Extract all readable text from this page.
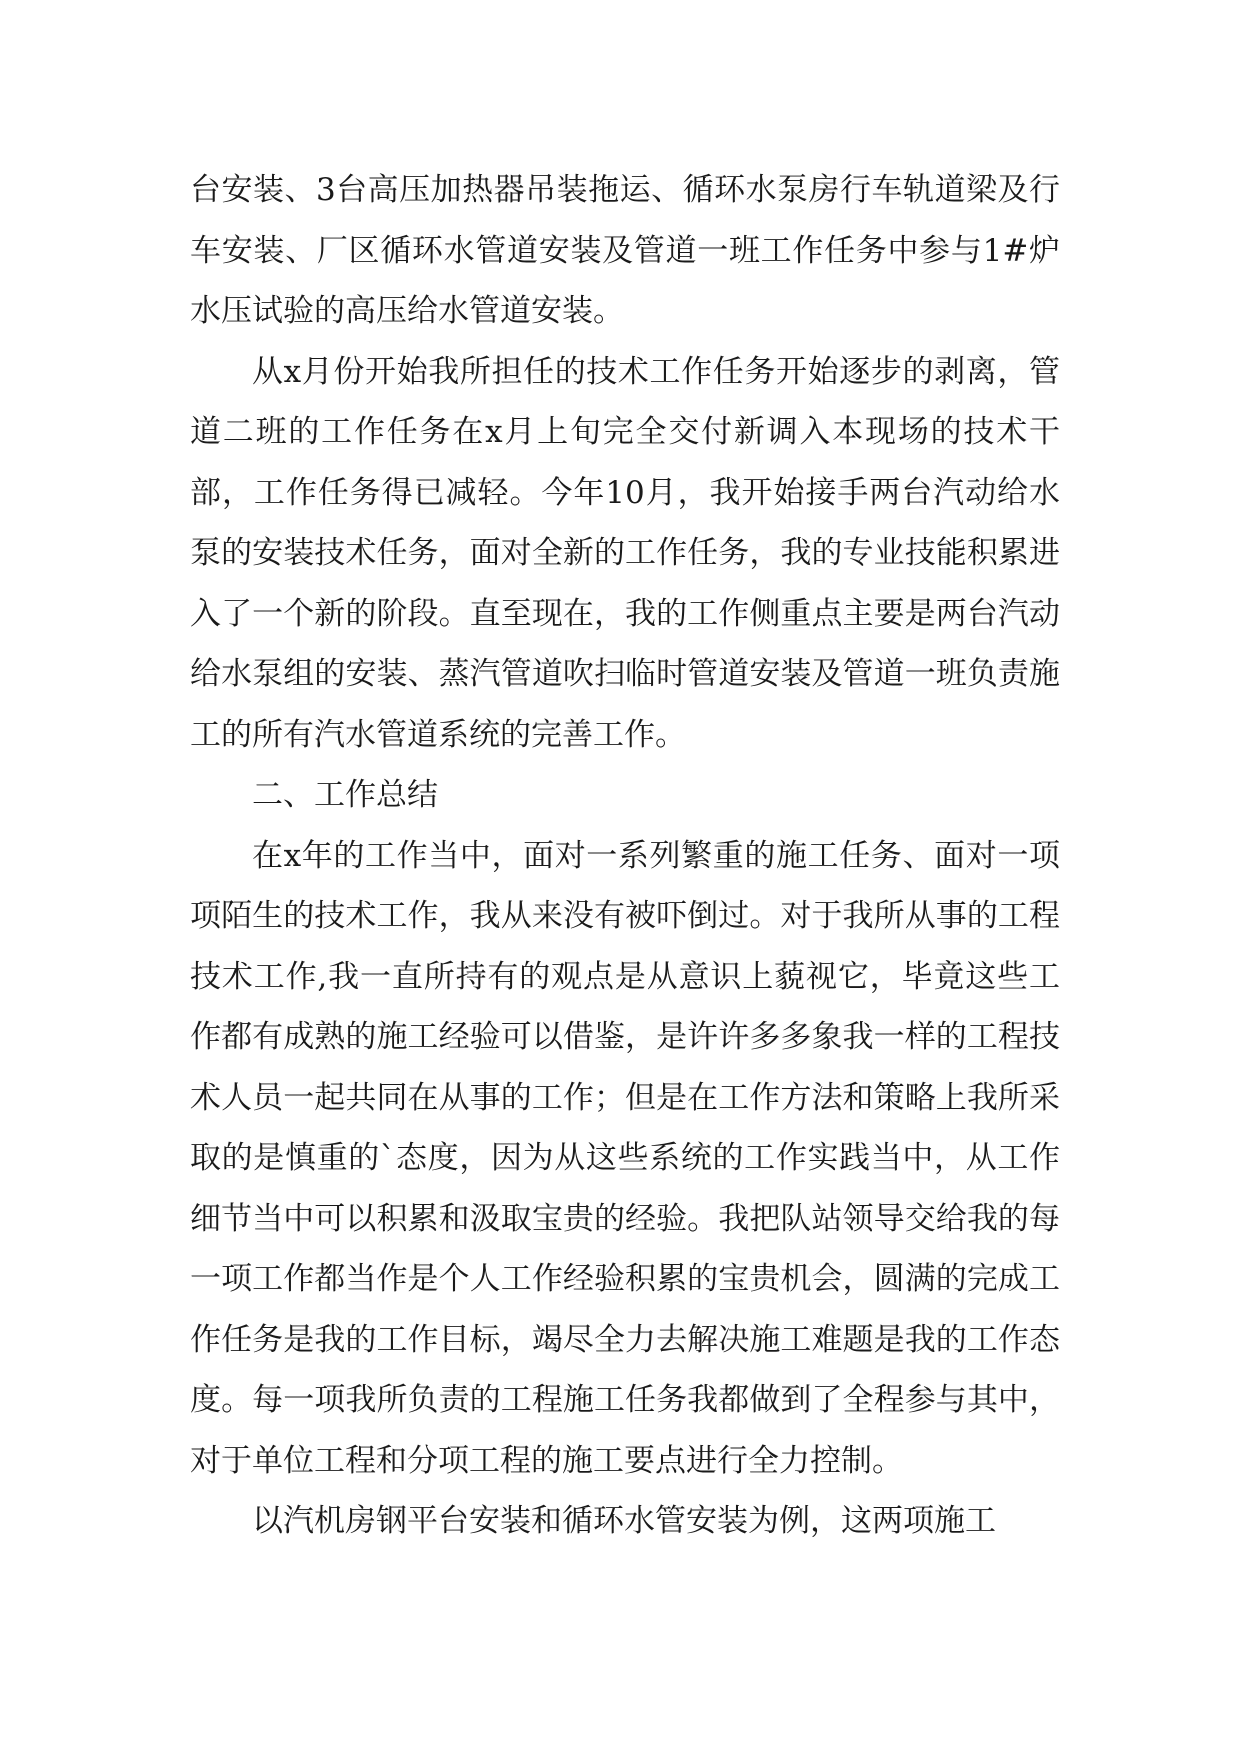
台安装、3台高压加热器吊装拖运、循环水泵房行车轨道梁及行车安装、厂区循环水管道安装及管道一班工作任务中参与1#炉水压试验的高压给水管道安装。

从x月份开始我所担任的技术工作任务开始逐步的剥离，管道二班的工作任务在x月上旬完全交付新调入本现场的技术干部，工作任务得已减轻。今年10月，我开始接手两台汽动给水泵的安装技术任务，面对全新的工作任务，我的专业技能积累进入了一个新的阶段。直至现在，我的工作侧重点主要是两台汽动给水泵组的安装、蒸汽管道吹扫临时管道安装及管道一班负责施工的所有汽水管道系统的完善工作。

二、工作总结

在x年的工作当中，面对一系列繁重的施工任务、面对一项项陌生的技术工作，我从来没有被吓倒过。对于我所从事的工程技术工作,我一直所持有的观点是从意识上藐视它，毕竟这些工作都有成熟的施工经验可以借鉴，是许许多多象我一样的工程技术人员一起共同在从事的工作；但是在工作方法和策略上我所采取的是慎重的`态度，因为从这些系统的工作实践当中，从工作细节当中可以积累和汲取宝贵的经验。我把队站领导交给我的每一项工作都当作是个人工作经验积累的宝贵机会，圆满的完成工作任务是我的工作目标，竭尽全力去解决施工难题是我的工作态度。每一项我所负责的工程施工任务我都做到了全程参与其中，对于单位工程和分项工程的施工要点进行全力控制。

以汽机房钢平台安装和循环水管安装为例，这两项施工
